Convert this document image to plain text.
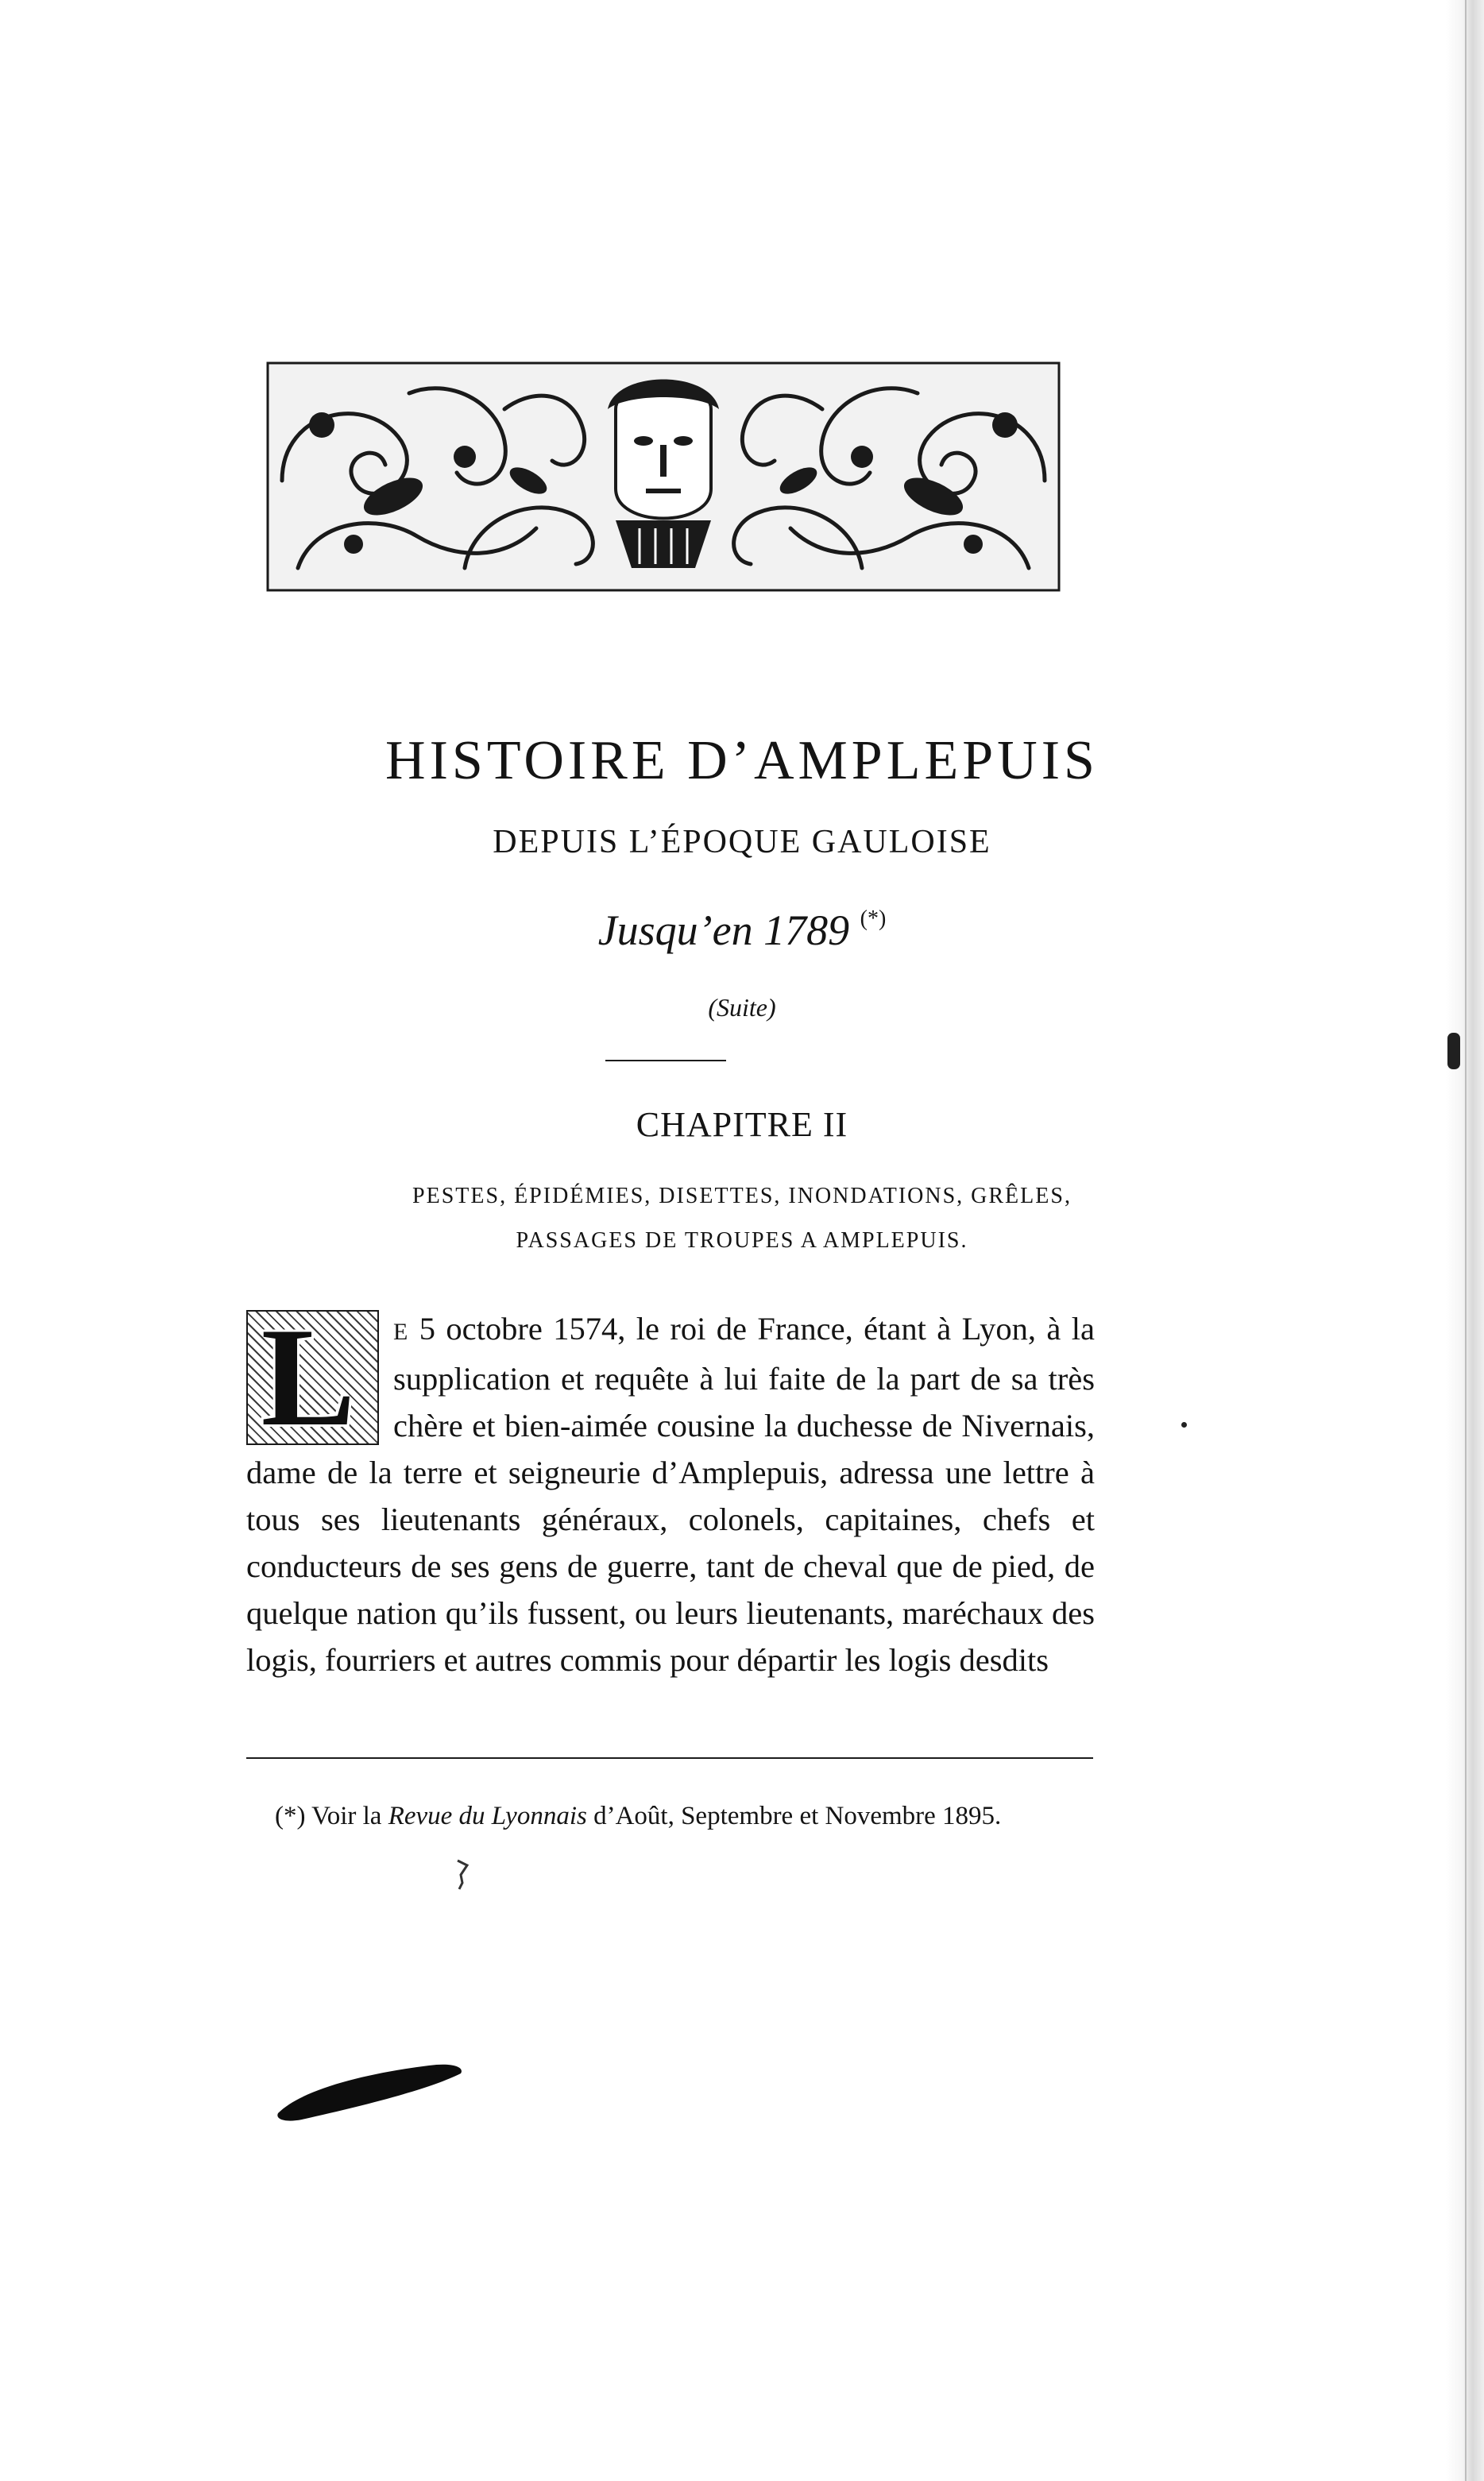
HISTOIRE D’AMPLEPUIS
DEPUIS L’ÉPOQUE GAULOISE
Jusqu’en 1789 (*)
(Suite)
CHAPITRE II
PESTES, ÉPIDÉMIES, DISETTES, INONDATIONS, GRÊLES,
PASSAGES DE TROUPES A AMPLEPUIS.

L E 5 octobre 1574, le roi de France, étant à Lyon, à la supplication et requête à lui faite de la part de sa très chère et bien-aimée cousine la duchesse de Nivernais, dame de la terre et seigneurie d’Amplepuis, adressa une lettre à tous ses lieutenants généraux, colonels, capitaines, chefs et conducteurs de ses gens de guerre, tant de cheval que de pied, de quelque nation qu’ils fussent, ou leurs lieutenants, maréchaux des logis, fourriers et autres commis pour départir les logis desdits

(*) Voir la Revue du Lyonnais d’Août, Septembre et Novembre 1895.
